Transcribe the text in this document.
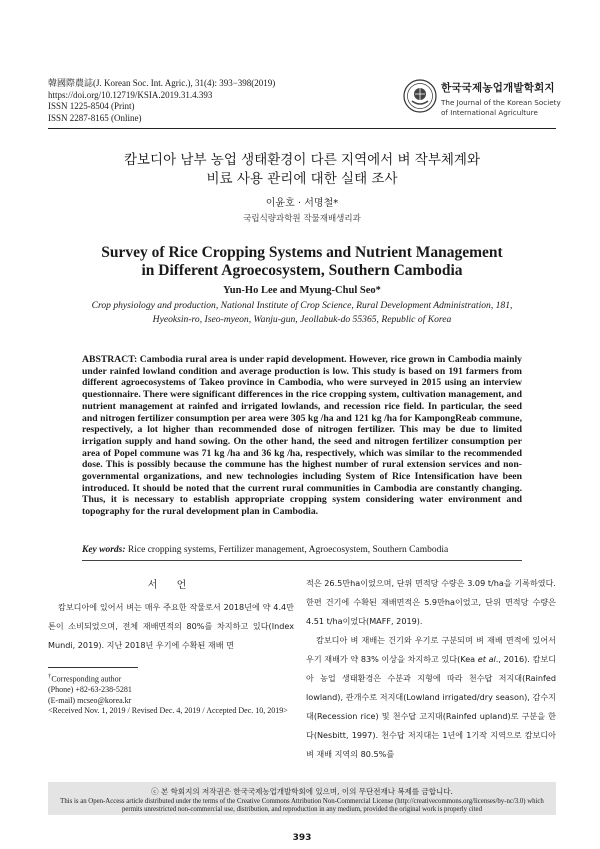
韓國際農誌(J. Korean Soc. Int. Agric.), 31(4): 393−398(2019)
https://doi.org/10.12719/KSIA.2019.31.4.393
ISSN 1225-8504 (Print)
ISSN 2287-8165 (Online)
한국국제농업개발학회지
The Journal of the Korean Society
of International Agriculture
캄보디아 남부 농업 생태환경이 다른 지역에서 벼 작부체계와
비료 사용 관리에 대한 실태 조사
이윤호 · 서명철*
국립식량과학원 작물재배생리과
Survey of Rice Cropping Systems and Nutrient Management
in Different Agroecosystem, Southern Cambodia
Yun-Ho Lee and Myung-Chul Seo*
Crop physiology and production, National Institute of Crop Science, Rural Development Administration, 181,
Hyeoksin-ro, Iseo-myeon, Wanju-gun, Jeollabuk-do 55365, Republic of Korea
ABSTRACT: Cambodia rural area is under rapid development. However, rice grown in Cambodia mainly under rainfed lowland condition and average production is low. This study is based on 191 farmers from different agroecosystems of Takeo province in Cambodia, who were surveyed in 2015 using an interview questionnaire. There were significant differences in the rice cropping system, cultivation management, and nutrient management at rainfed and irrigated lowlands, and recession rice field. In particular, the seed and nitrogen fertilizer consumption per area were 305 kg /ha and 121 kg /ha for KampongReab commune, respectively, a lot higher than recommended dose of nitrogen fertilizer. This may be due to limited irrigation supply and hand sowing. On the other hand, the seed and nitrogen fertilizer consumption per area of Popel commune was 71 kg /ha and 36 kg /ha, respectively, which was similar to the recommended dose. This is possibly because the commune has the highest number of rural extension services and non-governmental organizations, and new technologies including System of Rice Intensification have been introduced. It should be noted that the current rural communities in Cambodia are constantly changing. Thus, it is necessary to establish appropriate cropping system considering water environment and topography for the rural development plan in Cambodia.
Key words: Rice cropping systems, Fertilizer management, Agroecosystem, Southern Cambodia
서 언

캄보디아에 있어서 벼는 매우 주요한 작물로서 2018년에 약 4.4만톤이 소비되었으며, 전체 재배면적의 80%를 차지하고 있다(Index Mundi, 2019). 지난 2018년 우기에 수확된 재배 면

적은 26.5만ha이었으며, 단위 면적당 수량은 3.09 t/ha을 기록하였다. 한편 건기에 수확된 재배면적은 5.9만ha이었고, 단위 면적당 수량은 4.51 t/ha이었다(MAFF, 2019).

캄보디아 벼 재배는 건기와 우기로 구분되며 벼 재배 면적에 있어서 우기 재배가 약 83% 이상을 차지하고 있다(Kea et al., 2016). 캄보디아 농업 생태환경은 수분과 지형에 따라 천수답 저지대(Rainfed lowland), 관개수로 저지대(Lowland irrigated/dry season), 감수지대(Recession rice) 및 천수답 고지대(Rainfed upland)로 구분을 한다(Nesbitt, 1997). 천수답 저지대는 1년에 1기작 지역으로 캄보디아 벼 재배 지역의 80.5%를

†Corresponding author
(Phone) +82-63-238-5281
(E-mail) mcseo@korea.kr
<Received Nov. 1, 2019 / Revised Dec. 4, 2019 / Accepted Dec. 10, 2019>
ⓒ 본 학회지의 저작권은 한국국제농업개발학회에 있으며, 이의 무단전재나 복제를 금합니다.
This is an Open-Access article distributed under the terms of the Creative Commons Attribution Non-Commercial License (http://creativecommons.org/licenses/by-nc/3.0) which
permits unrestricted non-commercial use, distribution, and reproduction in any medium, provided the original work is properly cited
393
